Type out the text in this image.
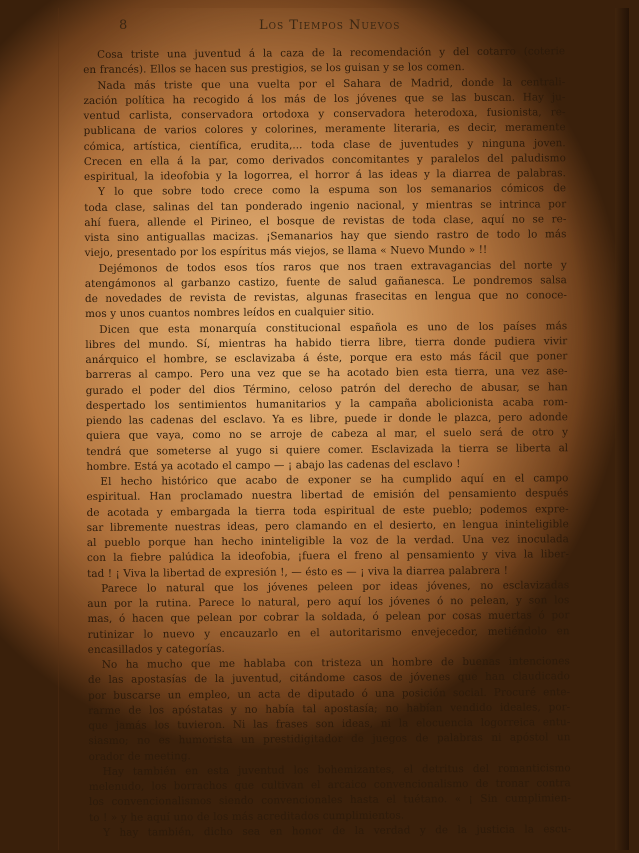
8	Los Tiempos Nuevos
Cosa triste una juventud á la caza de la recomendación y del cotarro (coterie
en francés). Ellos se hacen sus prestigios, se los guisan y se los comen.
Nada más triste que una vuelta por el Sahara de Madrid, donde la centrali-
zación política ha recogido á los más de los jóvenes que se las buscan. Hay ju-
ventud carlista, conservadora ortodoxa y conservadora heterodoxa, fusionista, re-
publicana de varios colores y colorines, meramente literaria, es decir, meramente
cómica, artística, científica, erudita,... toda clase de juventudes y ninguna joven.
Crecen en ella á la par, como derivados concomitantes y paralelos del paludismo
espiritual, la ideofobia y la logorrea, el horror á las ideas y la diarrea de palabras.
Y lo que sobre todo crece como la espuma son los semanarios cómicos de
toda clase, salinas del tan ponderado ingenio nacional, y mientras se intrinca por
ahí fuera, allende el Pirineo, el bosque de revistas de toda clase, aquí no se re-
vista sino antiguallas macizas. ¡Semanarios hay que siendo rastro de todo lo más
viejo, presentado por los espíritus más viejos, se llama « Nuevo Mundo » !!
Dejémonos de todos esos tíos raros que nos traen extravagancias del norte y
atengámonos al garbanzo castizo, fuente de salud gañanesca. Le pondremos salsa
de novedades de revista de revistas, algunas frasecitas en lengua que no conoce-
mos y unos cuantos nombres leídos en cualquier sitio.
Dicen que esta monarquía constitucional española es uno de los países más
libres del mundo. Sí, mientras ha habido tierra libre, tierra donde pudiera vivir
anárquico el hombre, se esclavizaba á éste, porque era esto más fácil que poner
barreras al campo. Pero una vez que se ha acotado bien esta tierra, una vez ase-
gurado el poder del dios Término, celoso patrón del derecho de abusar, se han
despertado los sentimientos humanitarios y la campaña abolicionista acaba rom-
piendo las cadenas del esclavo. Ya es libre, puede ir donde le plazca, pero adonde
quiera que vaya, como no se arroje de cabeza al mar, el suelo será de otro y
tendrá que someterse al yugo si quiere comer. Esclavizada la tierra se liberta al
hombre. Está ya acotado el campo — ¡ abajo las cadenas del esclavo !
El hecho histórico que acabo de exponer se ha cumplido aquí en el campo
espiritual. Han proclamado nuestra libertad de emisión del pensamiento después
de acotada y embargada la tierra toda espiritual de este pueblo; podemos expre-
sar libremente nuestras ideas, pero clamando en el desierto, en lengua ininteligible
al pueblo porque han hecho ininteligible la voz de la verdad. Una vez inoculada
con la fiebre palúdica la ideofobia, ¡fuera el freno al pensamiento y viva la liber-
tad ! ¡ Viva la libertad de expresión !, — ésto es — ¡ viva la diarrea palabrera !
Parece lo natural que los jóvenes peleen por ideas jóvenes, no esclavizadas
aun por la rutina. Parece lo natural, pero aquí los jóvenes ó no pelean, y son los
mas, ó hacen que pelean por cobrar la soldada, ó pelean por cosas muertas ó por
rutinizar lo nuevo y encauzarlo en el autoritarismo envejecedor, metiéndolo en
encasillados y categorías.
No ha mucho que me hablaba con tristeza un hombre de buenas intenciones
de las apostasías de la juventud, citándome casos de jóvenes que han claudicado
por buscarse un empleo, un acta de diputado ó una posición social. Procuré ente-
rarme de los apóstatas y no había tal apostasía; no habían vendido ideales, por-
que jamás los tuvieron. Ni las frases son ideas, ni la elocuencia logorreica entu-
siasmo; no es humorista un prestidigitador de juegos de palabras ni apóstol un
orador de meeting.
Hay también en esta juventud los bohemizantes, el detritus del romanticismo
melenudo, los borrachos que cultivan el arcaico convencionalismo de tronar contra
los convencionalismos siendo convencionales hasta el tuétano. « ¡ Sin cumplimien-
to ! » y he aquí uno de los más acreditados cumplimientos.
Y hay también, dicho sea en honor de la verdad y de la justicia la escu-
